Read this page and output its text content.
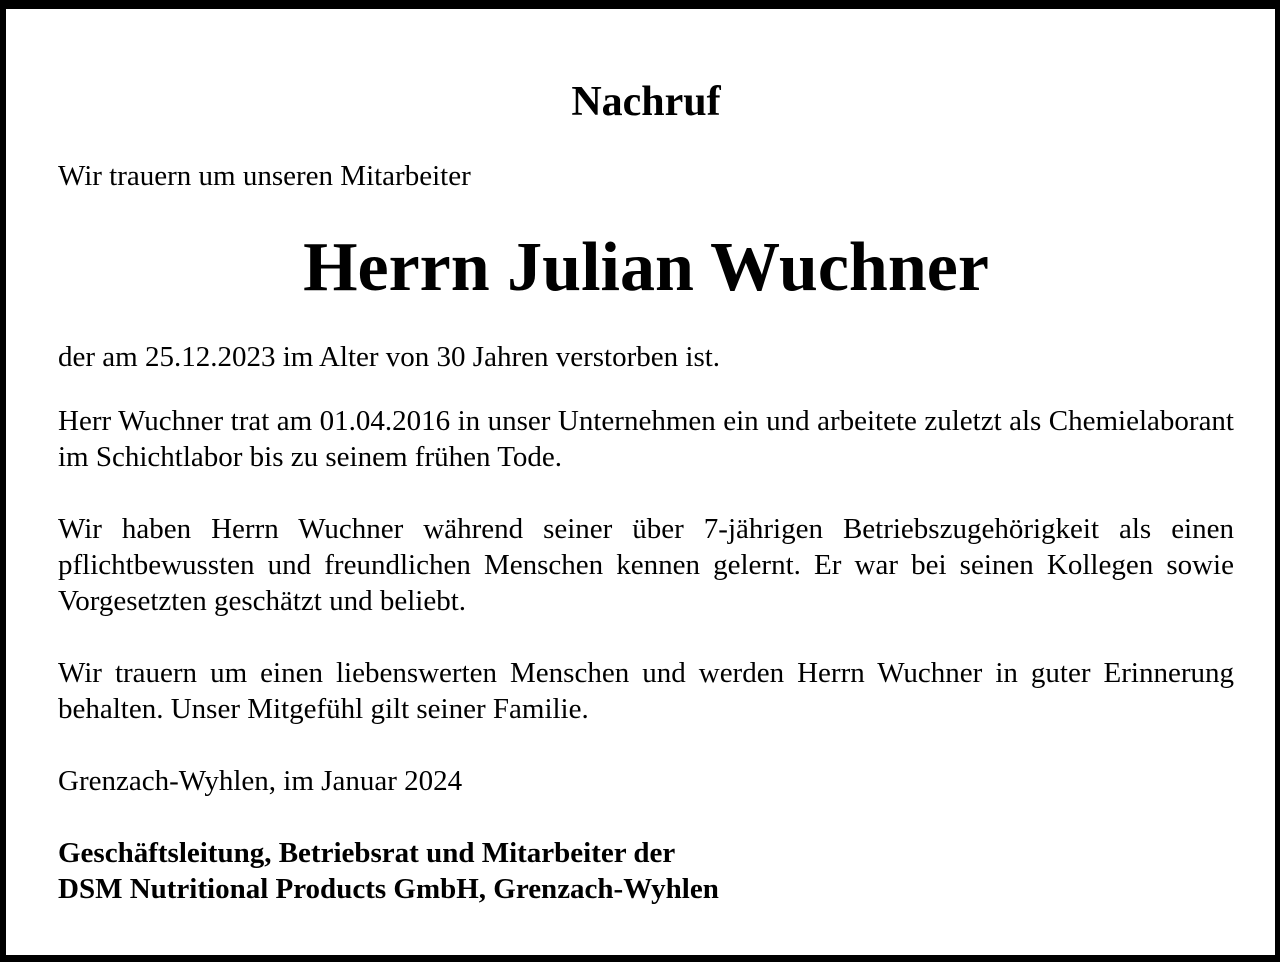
Nachruf
Wir trauern um unseren Mitarbeiter
Herrn Julian Wuchner

der am 25.12.2023 im Alter von 30 Jahren verstorben ist.

Herr Wuchner trat am 01.04.2016 in unser Unternehmen ein und arbeitete zuletzt als Chemielaborant im Schichtlabor bis zu seinem frühen Tode.

Wir haben Herrn Wuchner während seiner über 7-jährigen Betriebszugehörigkeit als einen pflichtbewussten und freundlichen Menschen kennen gelernt. Er war bei seinen Kollegen sowie Vorgesetzten geschätzt und beliebt.

Wir trauern um einen liebenswerten Menschen und werden Herrn Wuchner in guter Erinnerung behalten. Unser Mitgefühl gilt seiner Familie.

Grenzach-Wyhlen, im Januar 2024

Geschäftsleitung, Betriebsrat und Mitarbeiter der
DSM Nutritional Products GmbH, Grenzach-Wyhlen
